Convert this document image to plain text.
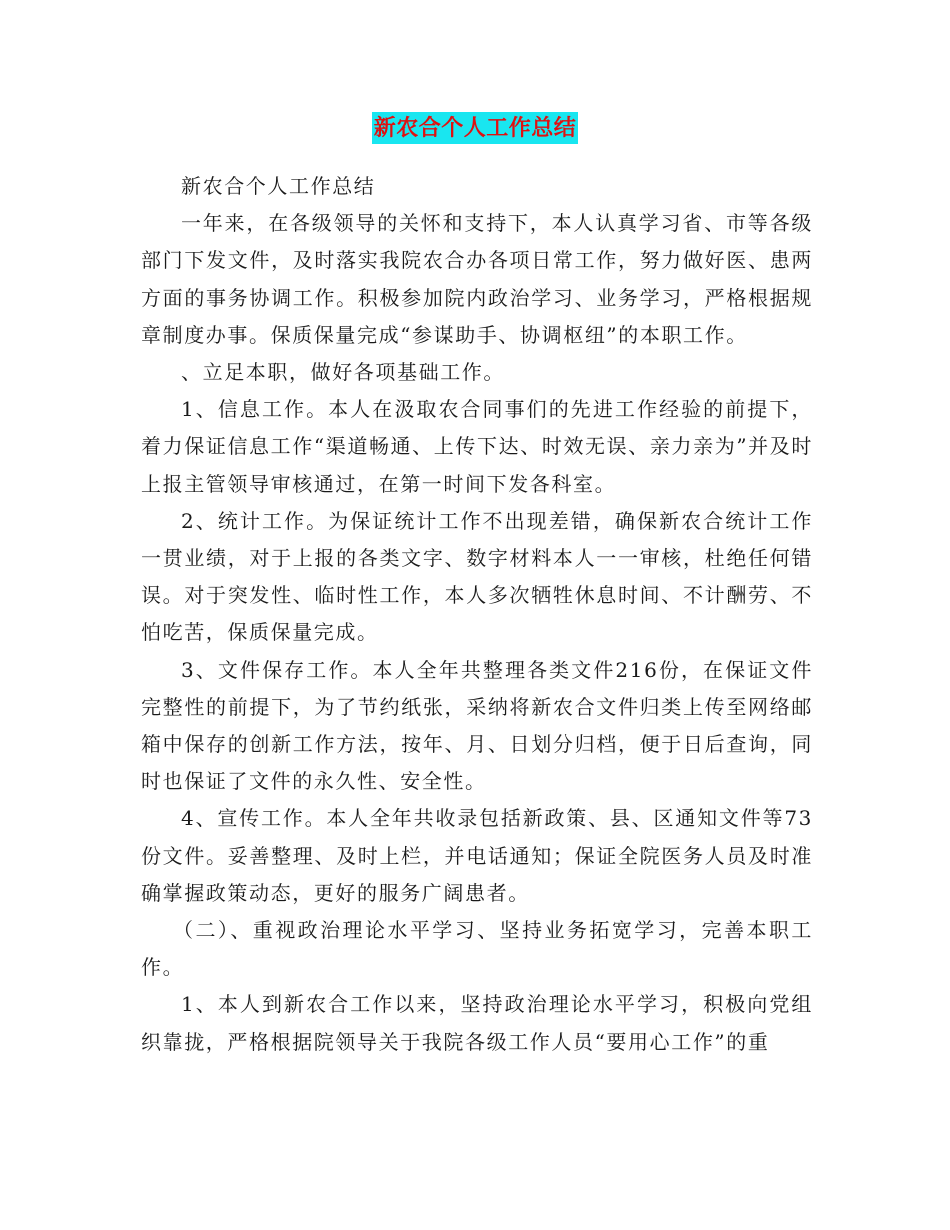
新农合个人工作总结

新农合个人工作总结

一年来，在各级领导的关怀和支持下，本人认真学习省、市等各级部门下发文件，及时落实我院农合办各项日常工作，努力做好医、患两方面的事务协调工作。积极参加院内政治学习、业务学习，严格根据规章制度办事。保质保量完成“参谋助手、协调枢纽”的本职工作。

、立足本职，做好各项基础工作。

1、信息工作。本人在汲取农合同事们的先进工作经验的前提下，着力保证信息工作“渠道畅通、上传下达、时效无误、亲力亲为”并及时上报主管领导审核通过，在第一时间下发各科室。

2、统计工作。为保证统计工作不出现差错，确保新农合统计工作一贯业绩，对于上报的各类文字、数字材料本人一一审核，杜绝任何错误。对于突发性、临时性工作，本人多次牺牲休息时间、不计酬劳、不怕吃苦，保质保量完成。

3、文件保存工作。本人全年共整理各类文件216份，在保证文件完整性的前提下，为了节约纸张，采纳将新农合文件归类上传至网络邮箱中保存的创新工作方法，按年、月、日划分归档，便于日后查询，同时也保证了文件的永久性、安全性。

4、宣传工作。本人全年共收录包括新政策、县、区通知文件等73份文件。妥善整理、及时上栏，并电话通知；保证全院医务人员及时准确掌握政策动态，更好的服务广阔患者。

（二）、重视政治理论水平学习、坚持业务拓宽学习，完善本职工作。

1、本人到新农合工作以来，坚持政治理论水平学习，积极向党组织靠拢，严格根据院领导关于我院各级工作人员“要用心工作”的重
